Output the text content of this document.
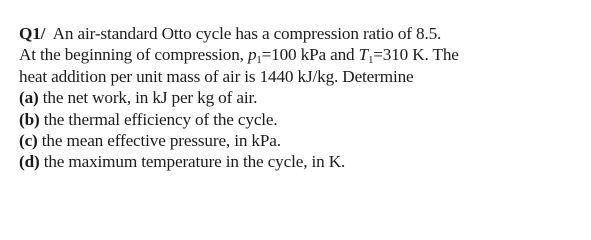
Q1/ An air-standard Otto cycle has a compression ratio of 8.5.
At the beginning of compression, $p_1=100$ kPa and $T_1=310$ K. The
heat addition per unit mass of air is 1440 kJ/kg. Determine
(a) the net work, in kJ per kg of air.
(b) the thermal efficiency of the cycle.
(c) the mean effective pressure, in kPa.
(d) the maximum temperature in the cycle, in K.
